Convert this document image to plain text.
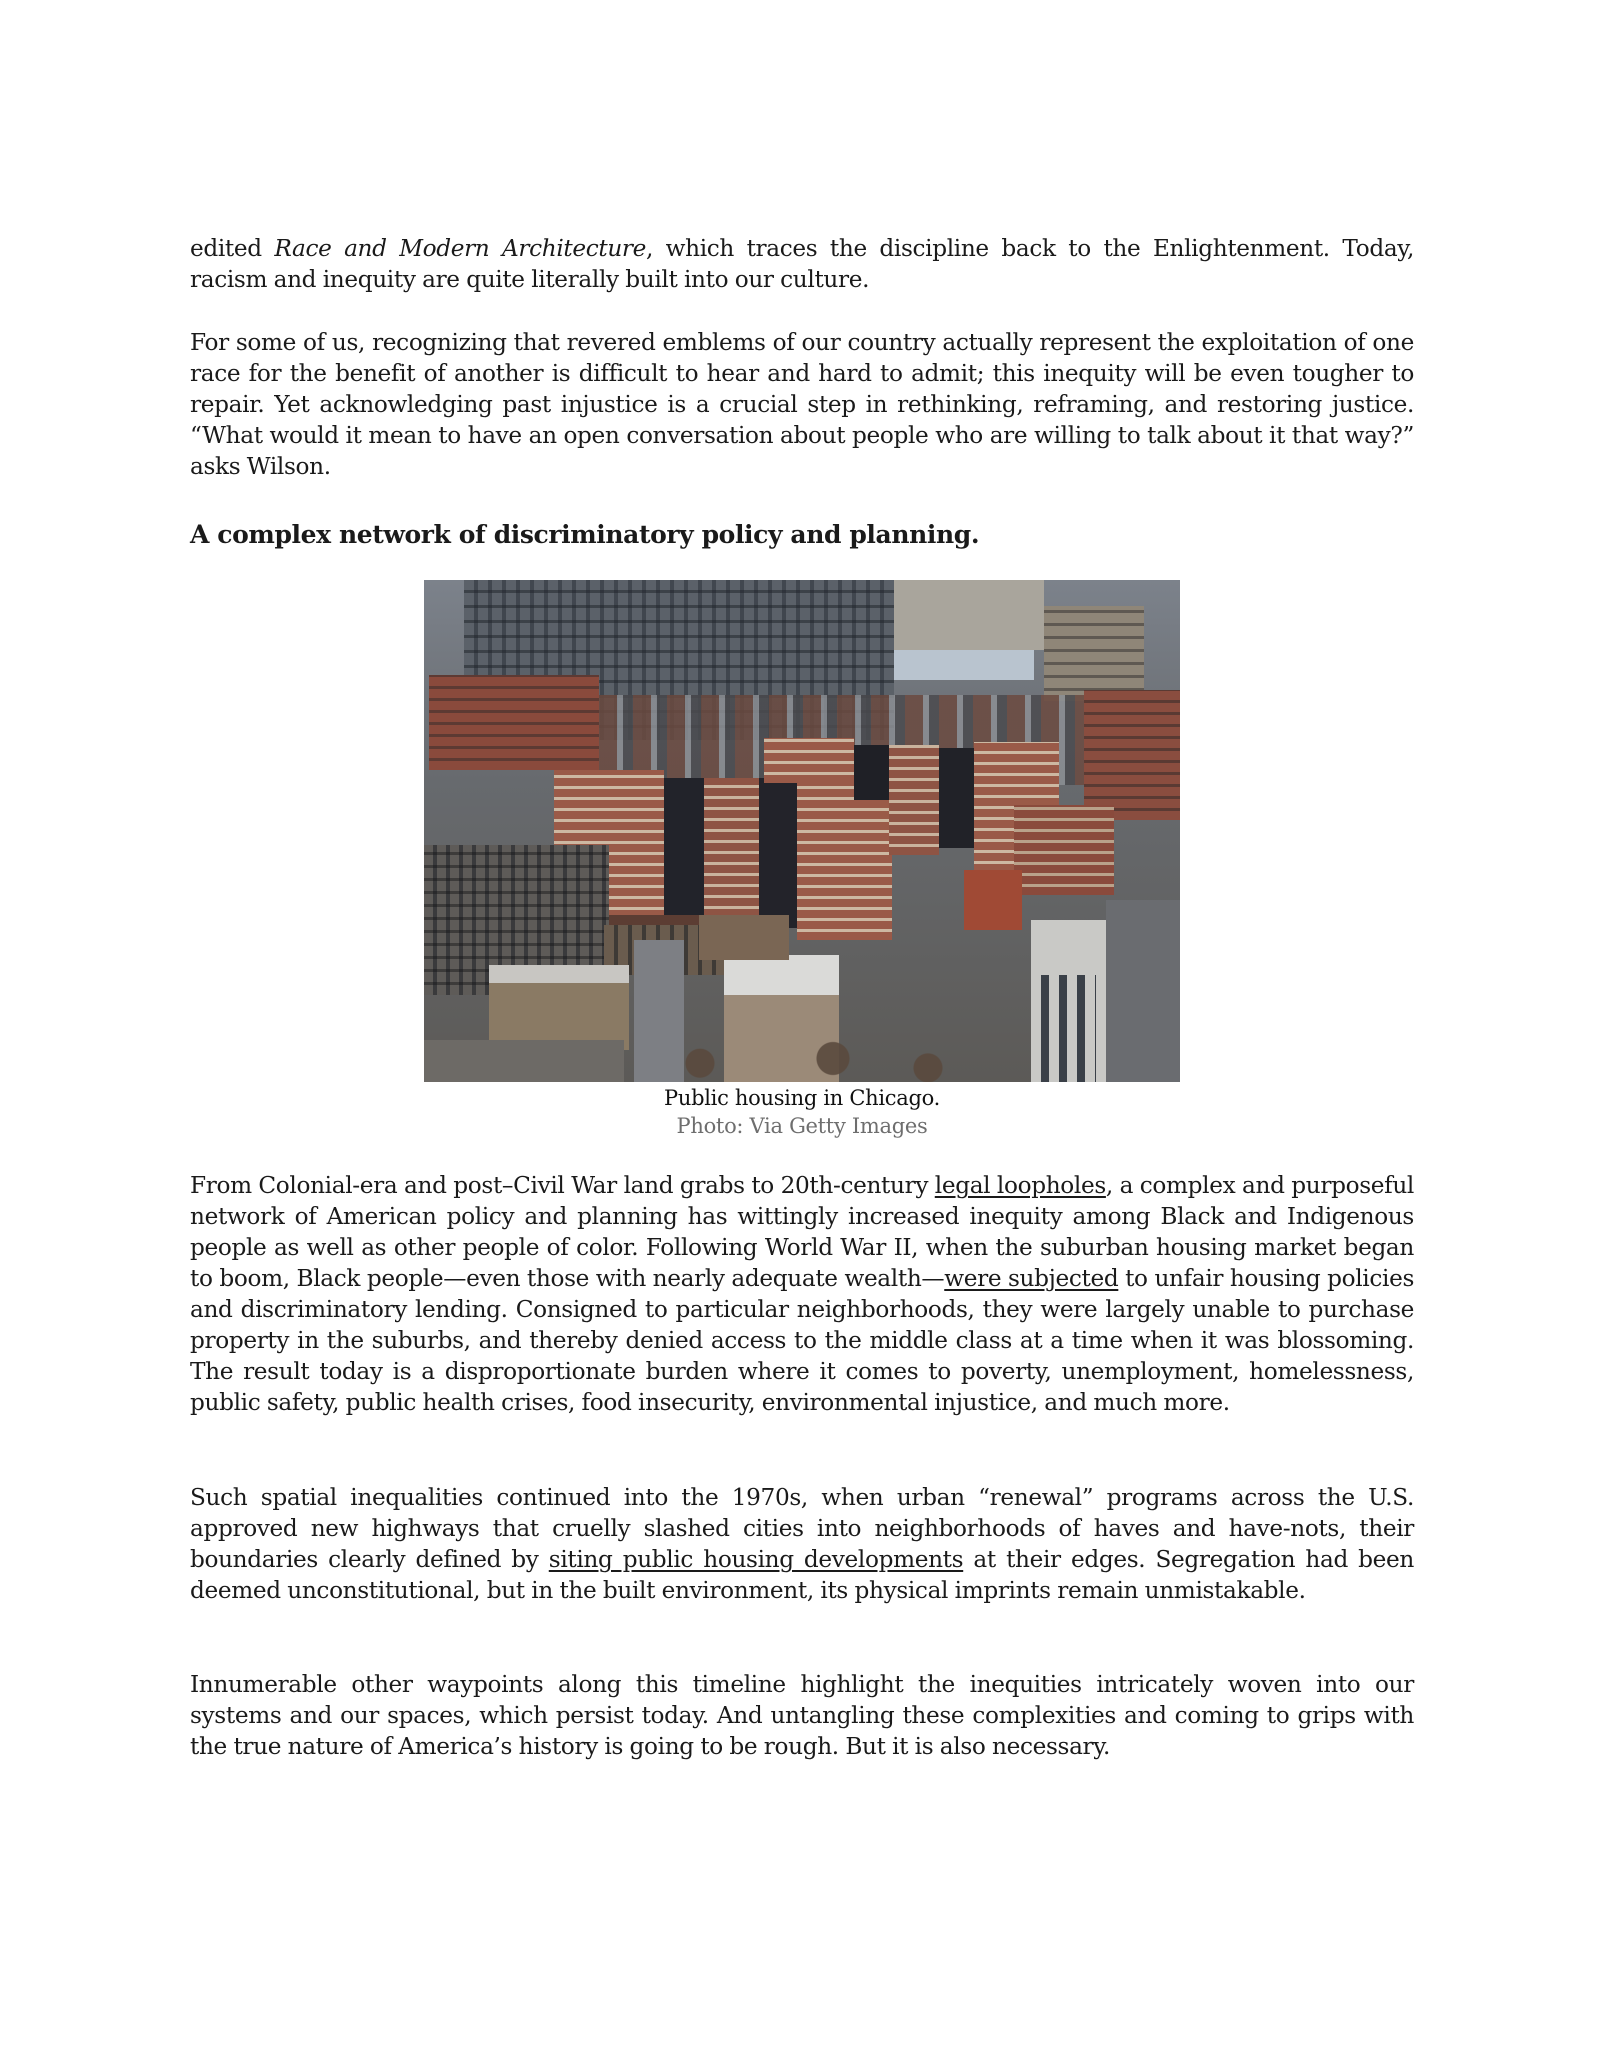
edited Race and Modern Architecture, which traces the discipline back to the Enlightenment. Today, racism and inequity are quite literally built into our culture.

For some of us, recognizing that revered emblems of our country actually represent the exploitation of one race for the benefit of another is difficult to hear and hard to admit; this inequity will be even tougher to repair. Yet acknowledging past injustice is a crucial step in rethinking, reframing, and restoring justice. “What would it mean to have an open conversation about people who are willing to talk about it that way?” asks Wilson.

A complex network of discriminatory policy and planning.
Public housing in Chicago.
Photo: Via Getty Images

From Colonial-era and post–Civil War land grabs to 20th-century legal loopholes, a complex and purposeful network of American policy and planning has wittingly increased inequity among Black and Indigenous people as well as other people of color. Following World War II, when the suburban housing market began to boom, Black people—even those with nearly adequate wealth—were subjected to unfair housing policies and discriminatory lending. Consigned to particular neighborhoods, they were largely unable to purchase property in the suburbs, and thereby denied access to the middle class at a time when it was blossoming. The result today is a disproportionate burden where it comes to poverty, unemployment, homelessness, public safety, public health crises, food insecurity, environmental injustice, and much more.

Such spatial inequalities continued into the 1970s, when urban “renewal” programs across the U.S. approved new highways that cruelly slashed cities into neighborhoods of haves and have-nots, their boundaries clearly defined by siting public housing developments at their edges. Segregation had been deemed unconstitutional, but in the built environment, its physical imprints remain unmistakable.

Innumerable other waypoints along this timeline highlight the inequities intricately woven into our systems and our spaces, which persist today. And untangling these complexities and coming to grips with the true nature of America’s history is going to be rough. But it is also necessary.
